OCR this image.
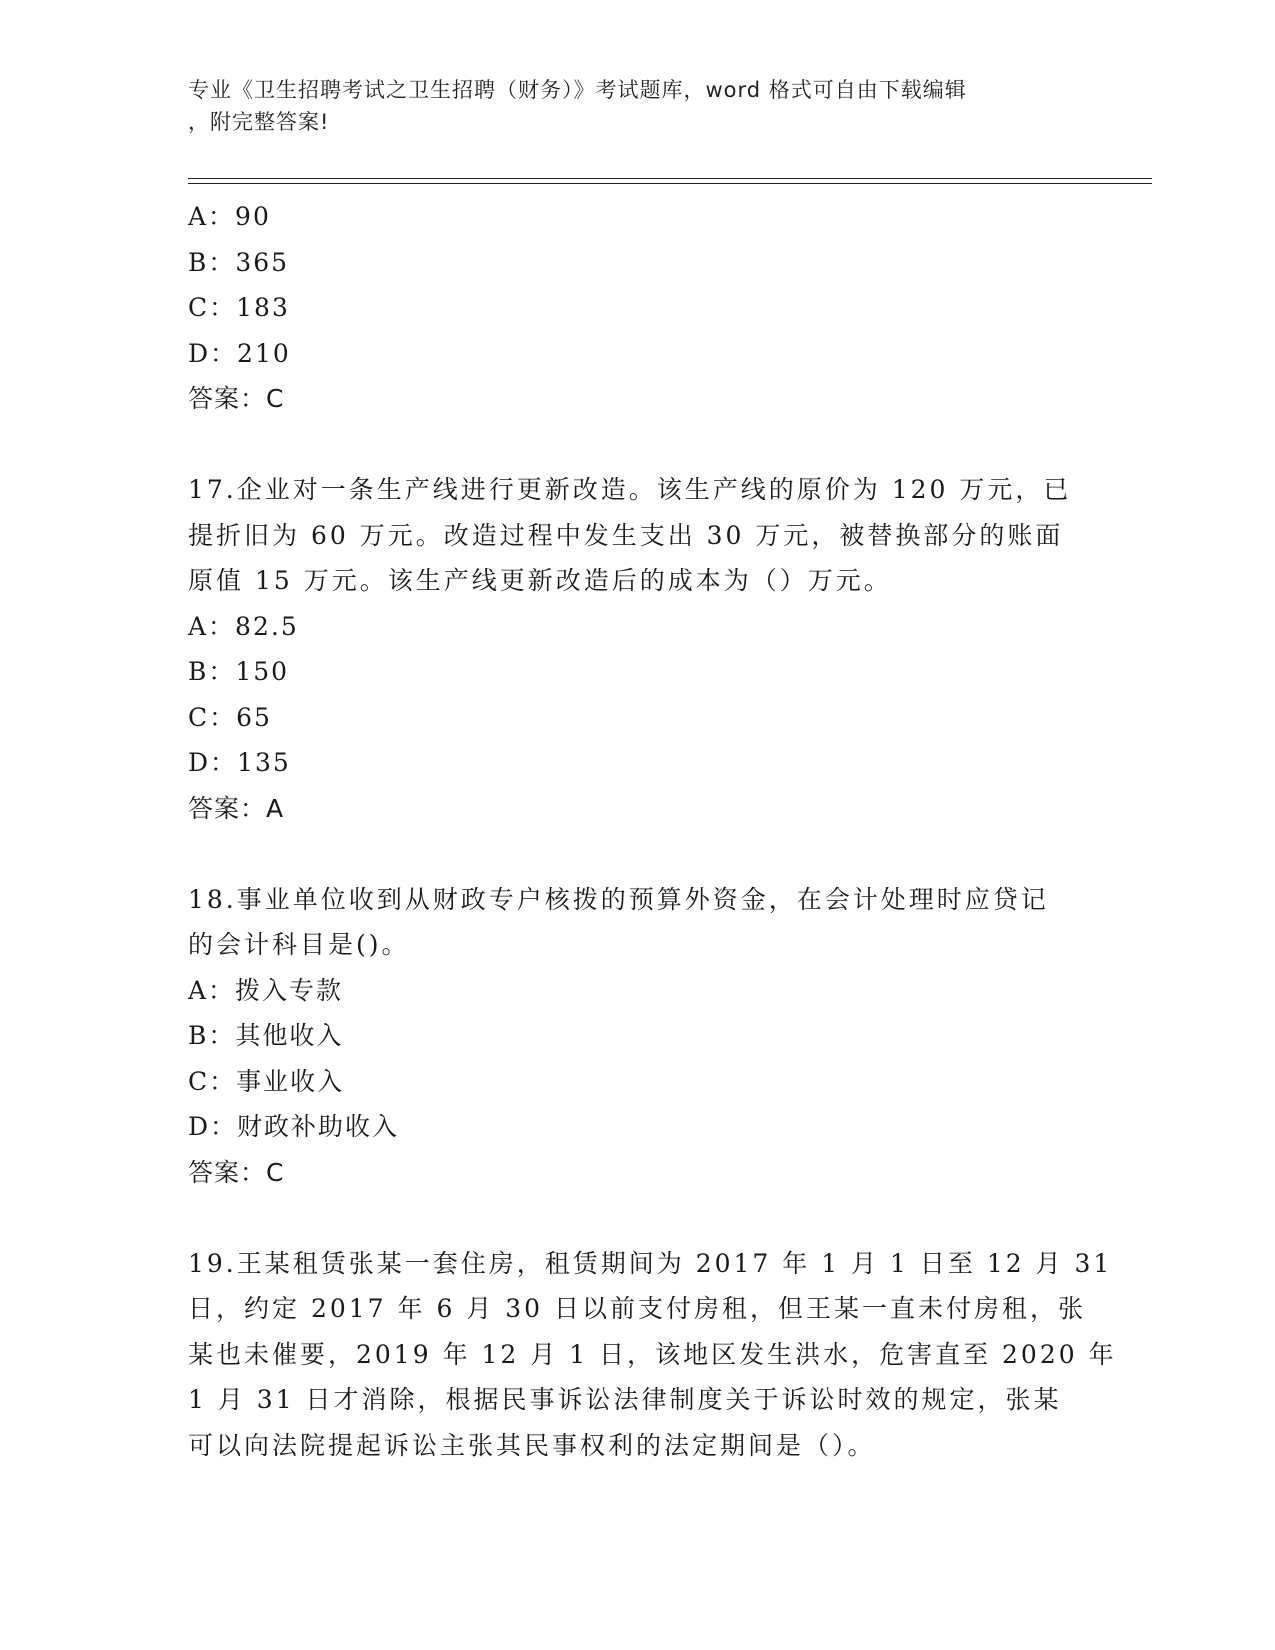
专业《卫生招聘考试之卫生招聘（财务）》考试题库，word 格式可自由下载编辑
，附完整答案!
A：90
B：365
C：183
D：210
答案：C
17.企业对一条生产线进行更新改造。该生产线的原价为 120 万元，已
提折旧为 60 万元。改造过程中发生支出 30 万元，被替换部分的账面
原值 15 万元。该生产线更新改造后的成本为（）万元。
A：82.5
B：150
C：65
D：135
答案：A
18.事业单位收到从财政专户核拨的预算外资金，在会计处理时应贷记
的会计科目是()。
A：拨入专款
B：其他收入
C：事业收入
D：财政补助收入
答案：C
19.王某租赁张某一套住房，租赁期间为 2017 年 1 月 1 日至 12 月 31
日，约定 2017 年 6 月 30 日以前支付房租，但王某一直未付房租，张
某也未催要，2019 年 12 月 1 日，该地区发生洪水，危害直至 2020 年
1 月 31 日才消除，根据民事诉讼法律制度关于诉讼时效的规定，张某
可以向法院提起诉讼主张其民事权利的法定期间是（）。
